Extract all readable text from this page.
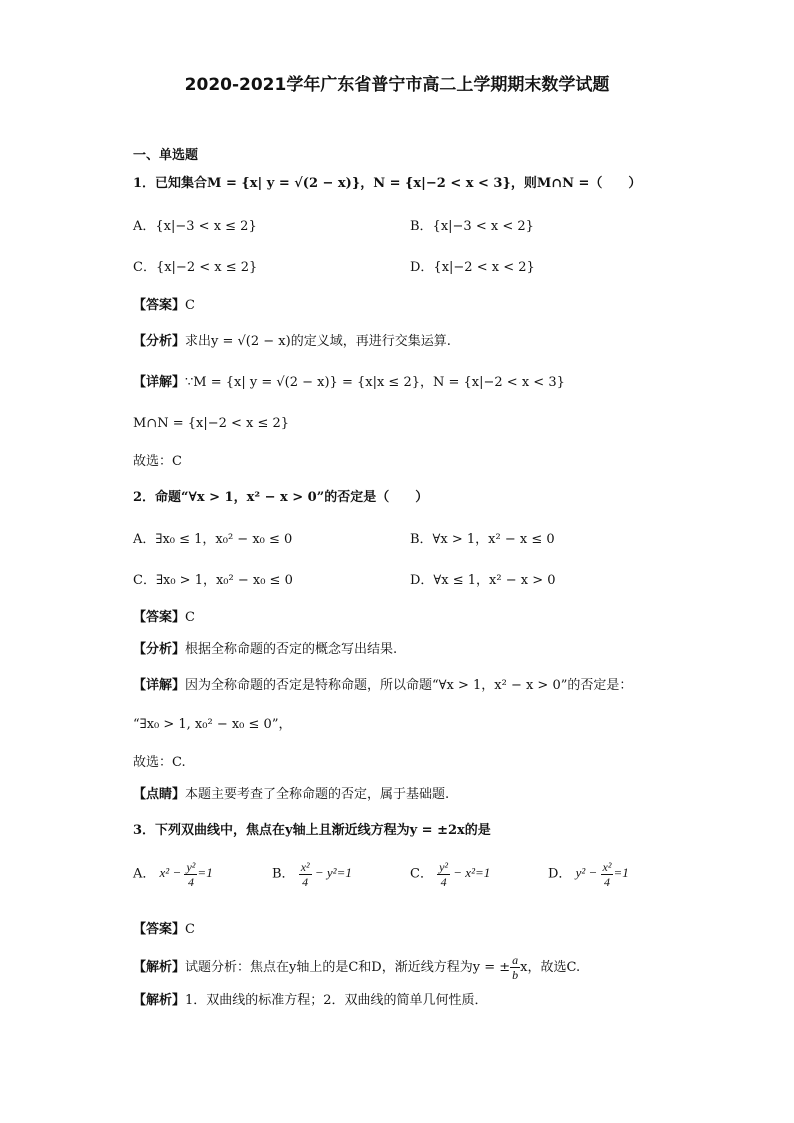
2020-2021学年广东省普宁市高二上学期期末数学试题
一、单选题
1．已知集合M = {x| y = √(2 − x)}，N = {x|−2 < x < 3}，则M∩N =（　　）
A．{x|−3 < x ≤ 2}	B．{x|−3 < x < 2}
C．{x|−2 < x ≤ 2}	D．{x|−2 < x < 2}
【答案】C
【分析】求出y = √(2 − x)的定义域，再进行交集运算.
【详解】∵M = {x| y = √(2 − x)} = {x|x ≤ 2}，N = {x|−2 < x < 3}
M∩N = {x|−2 < x ≤ 2}
故选：C
2．命题“∀x > 1，x² − x > 0”的否定是（　　）
A．∃x₀ ≤ 1，x₀² − x₀ ≤ 0	B．∀x > 1，x² − x ≤ 0
C．∃x₀ > 1，x₀² − x₀ ≤ 0	D．∀x ≤ 1，x² − x > 0
【答案】C
【分析】根据全称命题的否定的概念写出结果.
【详解】因为全称命题的否定是特称命题，所以命题“∀x > 1，x² − x > 0”的否定是：
“∃x₀ > 1, x₀² − x₀ ≤ 0”，
故选：C.
【点睛】本题主要考查了全称命题的否定，属于基础题.
3．下列双曲线中，焦点在y轴上且渐近线方程为y = ±2x的是
A． $x^2 - \frac{\text{y²}}{4} =1$	B． $\frac{\text{x²}}{4} - y^2=1$	C． $\frac{\text{y²}}{4} - x^2=1$	D． $y^2 - \frac{\text{x²}}{4} =1$
【答案】C
【解析】试题分析：焦点在y轴上的是C和D，渐近线方程为y = ± $\frac{a}{b}$ x，故选C.
【解析】1．双曲线的标准方程；2．双曲线的简单几何性质．
